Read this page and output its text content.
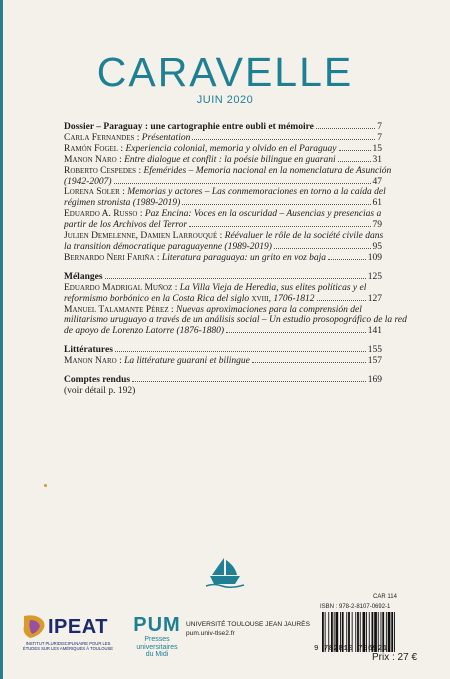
CARAVELLE
JUIN 2020
Dossier – Paraguay : une cartographie entre oubli et mémoire	7
Carla Fernandes : Présentation	7
Ramón Fogel : Experiencia colonial, memoria y olvido en el Paraguay	15
Manon Naro : Entre dialogue et conflit : la poésie bilingue en guarani	31
Roberto Cespedes : Efemérides – Memoria nacional en la nomenclatura de Asunción
(1942-2007)	47
Lorena Soler : Memorias y actores – Las conmemoraciones en torno a la caída del
régimen stronista (1989-2019)	61
Eduardo A. Russo : Paz Encina: Voces en la oscuridad – Ausencias y presencias a
partir de los Archivos del Terror	79
Julien Demelenne, Damien Larrouqué : Réévaluer le rôle de la société civile dans
la transition démocratique paraguayenne (1989-2019)	95
Bernardo Neri Fariña : Literatura paraguaya: un grito en voz baja	109
Mélanges	125
Eduardo Madrigal Muñoz : La Villa Vieja de Heredia, sus elites políticas y el
reformismo borbónico en la Costa Rica del siglo xviii, 1706-1812	127
Manuel Talamante Pérez : Nuevas aproximaciones para la comprensión del
militarismo uruguayo a través de un análisis social – Un estudio prosopográfico de la red
de apoyo de Lorenzo Latorre (1876-1880)	141
Littératures	155
Manon Naro : La littérature guarani et bilingue	157
Comptes rendus	169
(voir détail p. 192)
IPEAT
INSTITUT PLURIDISCIPLINAIRE POUR LES ÉTUDES SUR LES AMÉRIQUES À TOULOUSE
PUM
Presses
universitaires
du Midi
UNIVERSITÉ TOULOUSE JEAN JAURÈS
pum.univ-tlse2.fr
CAR 114
ISBN : 978-2-8107-0692-1
9 782810 706921
Prix : 27 €
